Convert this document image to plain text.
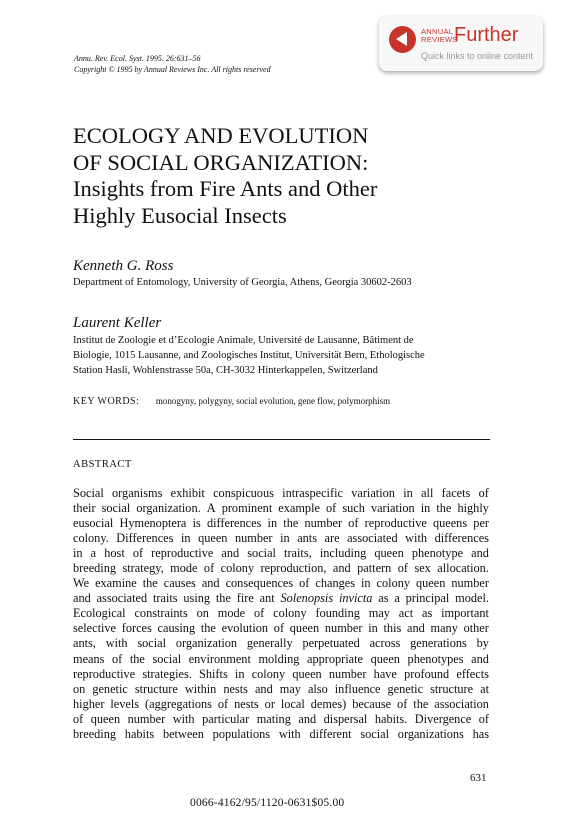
Annu. Rev. Ecol. Syst. 1995. 26:631–56
Copyright © 1995 by Annual Reviews Inc. All rights reserved
ANNUAL
REVIEWS
Further
Quick links to online content
ECOLOGY AND EVOLUTION
OF SOCIAL ORGANIZATION:
Insights from Fire Ants and Other
Highly Eusocial Insects
Kenneth G. Ross
Department of Entomology, University of Georgia, Athens, Georgia 30602-2603
Laurent Keller
Institut de Zoologie et d’Ecologie Animale, Université de Lausanne, Bâtiment de
Biologie, 1015 Lausanne, and Zoologisches Institut, Universität Bern, Ethologische
Station Hasli, Wohlenstrasse 50a, CH-3032 Hinterkappelen, Switzerland
KEY WORDS: monogyny, polygyny, social evolution, gene flow, polymorphism
ABSTRACT
Social organisms exhibit conspicuous intraspecific variation in all facets of
their social organization. A prominent example of such variation in the highly
eusocial Hymenoptera is differences in the number of reproductive queens per
colony. Differences in queen number in ants are associated with differences
in a host of reproductive and social traits, including queen phenotype and
breeding strategy, mode of colony reproduction, and pattern of sex allocation.
We examine the causes and consequences of changes in colony queen number
and associated traits using the fire ant Solenopsis invicta as a principal model.
Ecological constraints on mode of colony founding may act as important
selective forces causing the evolution of queen number in this and many other
ants, with social organization generally perpetuated across generations by
means of the social environment molding appropriate queen phenotypes and
reproductive strategies. Shifts in colony queen number have profound effects
on genetic structure within nests and may also influence genetic structure at
higher levels (aggregations of nests or local demes) because of the association
of queen number with particular mating and dispersal habits. Divergence of
breeding habits between populations with different social organizations has
631
0066-4162/95/1120-0631$05.00
